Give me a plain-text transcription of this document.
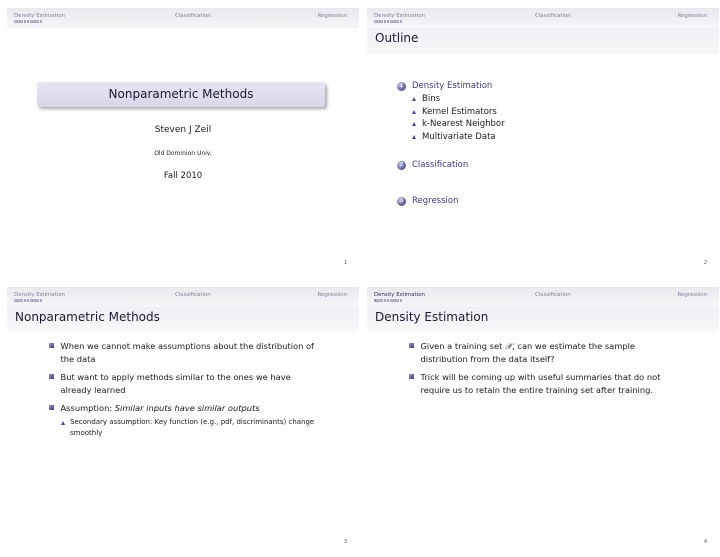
Density Estimation	Classification	Regression
Nonparametric Methods
Steven J Zeil
Old Dominion Univ.
Fall 2010
1
Density Estimation	Classification	Regression
Outline
1	Density Estimation
Bins
Kernel Estimators
k-Nearest Neighbor
Multivariate Data
2	Classification
3	Regression
2
Density Estimation	Classification	Regression
Nonparametric Methods
When we cannot make assumptions about the distribution of the data
But want to apply methods similar to the ones we have already learned
Assumption: Similar inputs have similar outputs
Secondary assumption: Key function (e.g., pdf, discriminants) change smoothly
3
Density Estimation	Classification	Regression
Density Estimation
Given a training set 𝒳, can we estimate the sample distribution from the data itself?
Trick will be coming up with useful summaries that do not require us to retain the entire training set after training.
4
